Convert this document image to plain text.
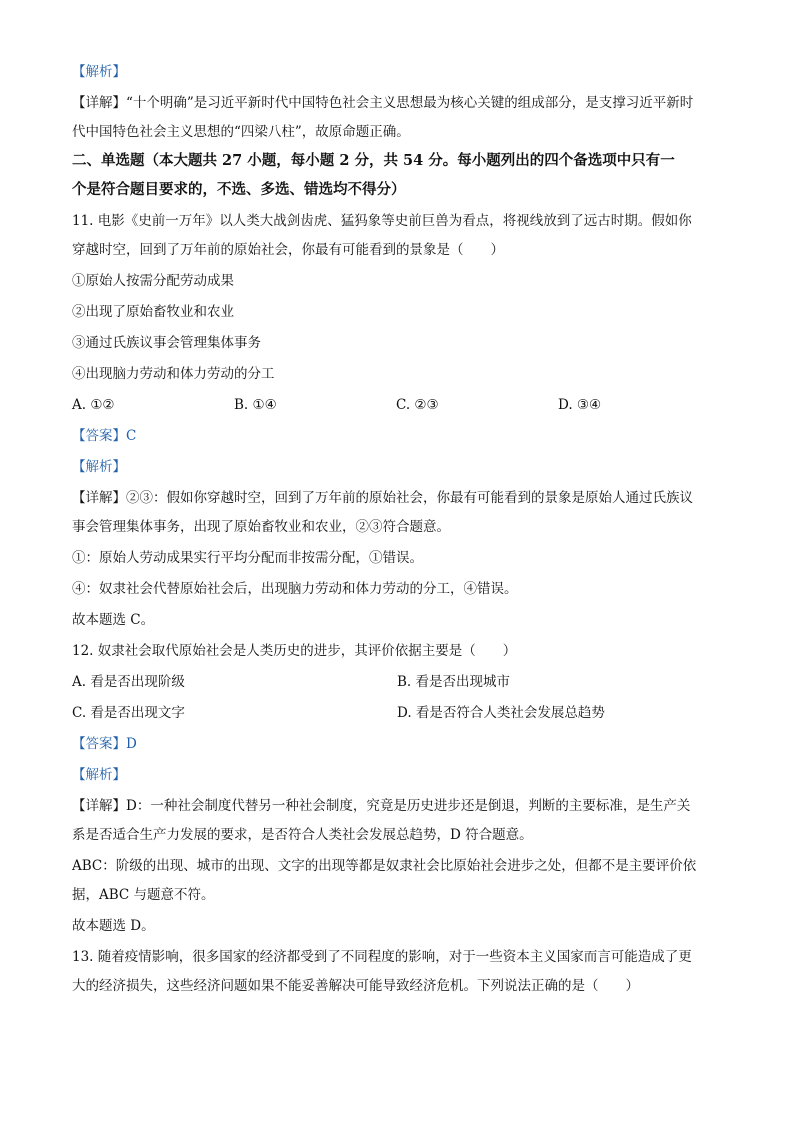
【解析】

【详解】“十个明确”是习近平新时代中国特色社会主义思想最为核心关键的组成部分，是支撑习近平新时

代中国特色社会主义思想的“四梁八柱”，故原命题正确。

二、单选题（本大题共 27 小题，每小题 2 分，共 54 分。每小题列出的四个备选项中只有一

个是符合题目要求的，不选、多选、错选均不得分）

11. 电影《史前一万年》以人类大战剑齿虎、猛犸象等史前巨兽为看点，将视线放到了远古时期。假如你

穿越时空，回到了万年前的原始社会，你最有可能看到的景象是（　　）

①原始人按需分配劳动成果

②出现了原始畜牧业和农业

③通过氏族议事会管理集体事务

④出现脑力劳动和体力劳动的分工

A. ①②	B. ①④	C. ②③	D. ③④

【答案】C

【解析】

【详解】②③：假如你穿越时空，回到了万年前的原始社会，你最有可能看到的景象是原始人通过氏族议

事会管理集体事务，出现了原始畜牧业和农业，②③符合题意。

①：原始人劳动成果实行平均分配而非按需分配，①错误。

④：奴隶社会代替原始社会后，出现脑力劳动和体力劳动的分工，④错误。

故本题选 C。

12. 奴隶社会取代原始社会是人类历史的进步，其评价依据主要是（　　）

A. 看是否出现阶级	B. 看是否出现城市
C. 看是否出现文字	D. 看是否符合人类社会发展总趋势

【答案】D

【解析】

【详解】D：一种社会制度代替另一种社会制度，究竟是历史进步还是倒退，判断的主要标准，是生产关

系是否适合生产力发展的要求，是否符合人类社会发展总趋势，D 符合题意。

ABC：阶级的出现、城市的出现、文字的出现等都是奴隶社会比原始社会进步之处，但都不是主要评价依

据，ABC 与题意不符。

故本题选 D。

13. 随着疫情影响，很多国家的经济都受到了不同程度的影响，对于一些资本主义国家而言可能造成了更

大的经济损失，这些经济问题如果不能妥善解决可能导致经济危机。下列说法正确的是（　　）
